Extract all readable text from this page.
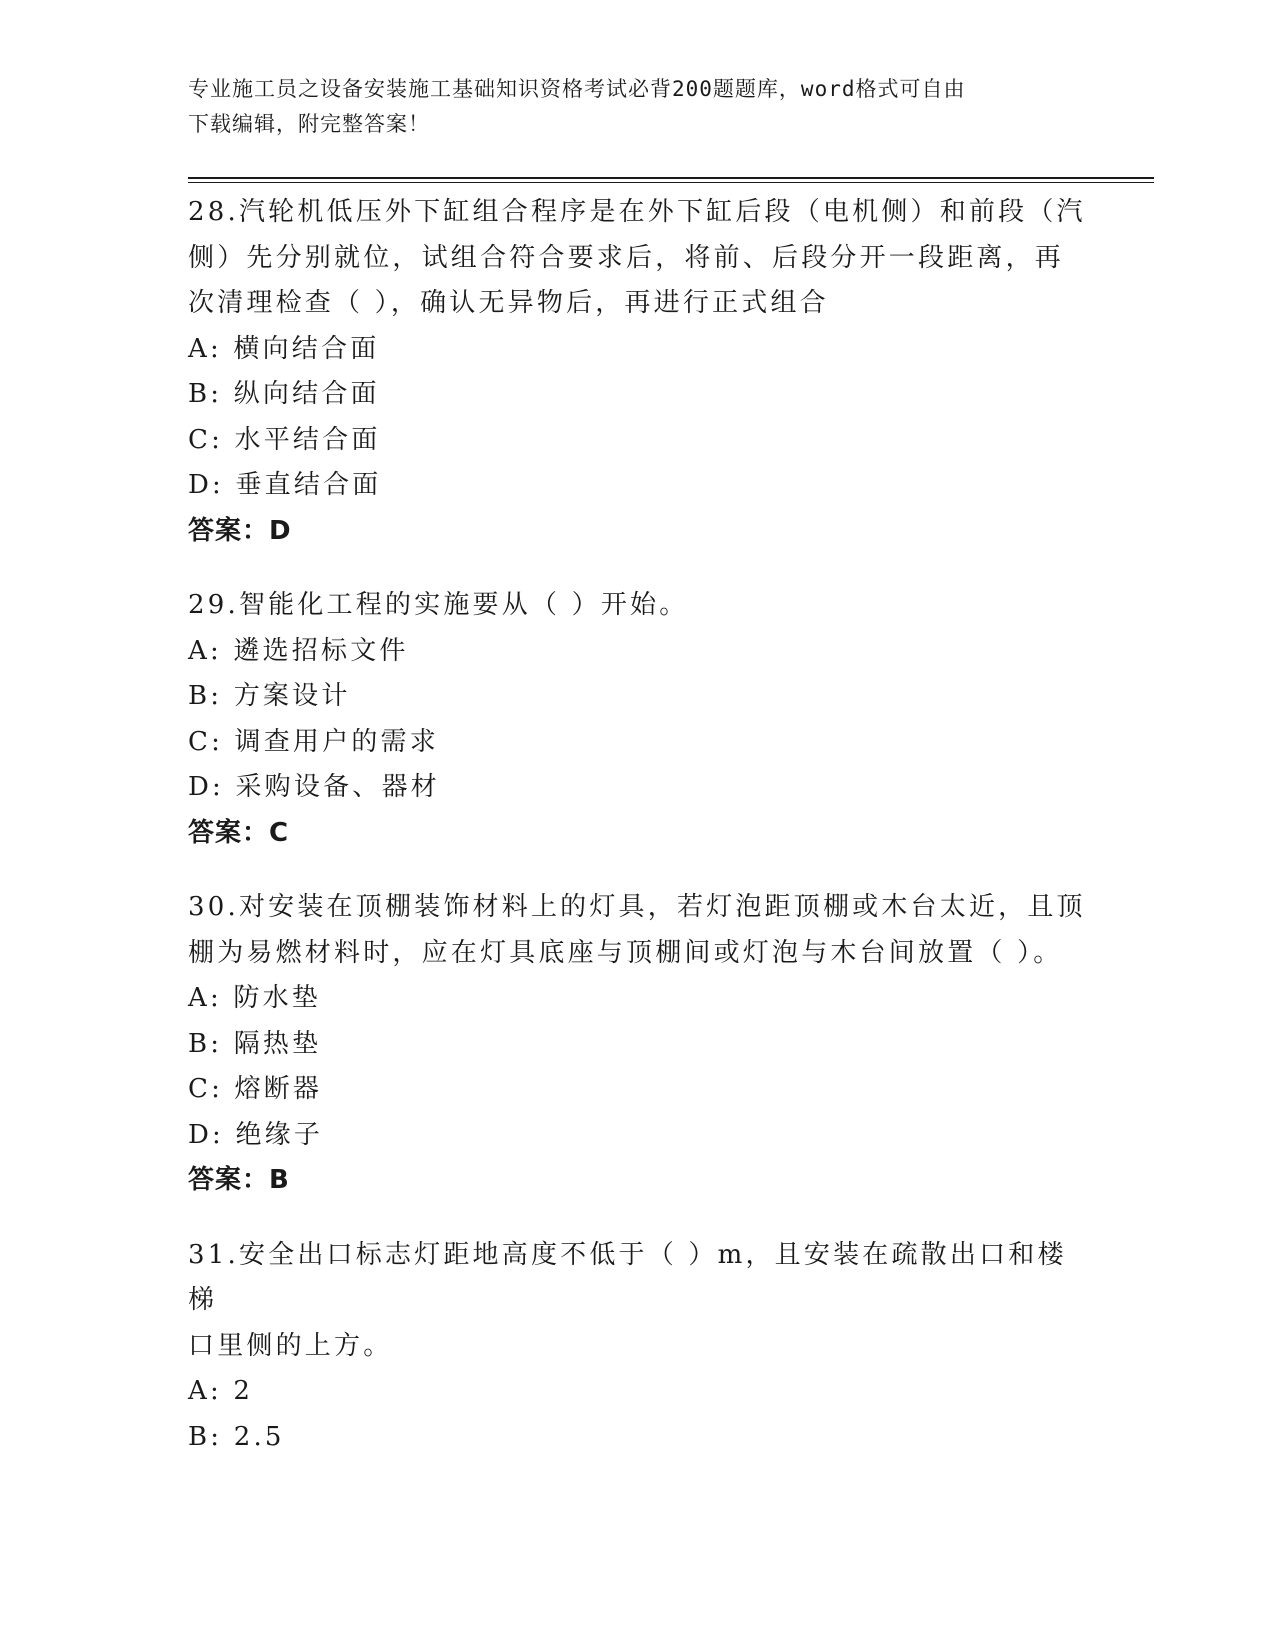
专业施工员之设备安装施工基础知识资格考试必背200题题库，word格式可自由
下载编辑，附完整答案！

28.汽轮机低压外下缸组合程序是在外下缸后段（电机侧）和前段（汽
侧）先分别就位，试组合符合要求后，将前、后段分开一段距离，再
次清理检查（ ），确认无异物后，再进行正式组合

A: 横向结合面

B: 纵向结合面

C: 水平结合面

D: 垂直结合面

答案：D

29.智能化工程的实施要从（ ）开始。

A: 遴选招标文件

B: 方案设计

C: 调查用户的需求

D: 采购设备、器材

答案：C

30.对安装在顶棚装饰材料上的灯具，若灯泡距顶棚或木台太近，且顶
棚为易燃材料时，应在灯具底座与顶棚间或灯泡与木台间放置（ ）。

A: 防水垫

B: 隔热垫

C: 熔断器

D: 绝缘子

答案：B

31.安全出口标志灯距地高度不低于（ ）m，且安装在疏散出口和楼梯
口里侧的上方。

A: 2

B: 2.5
